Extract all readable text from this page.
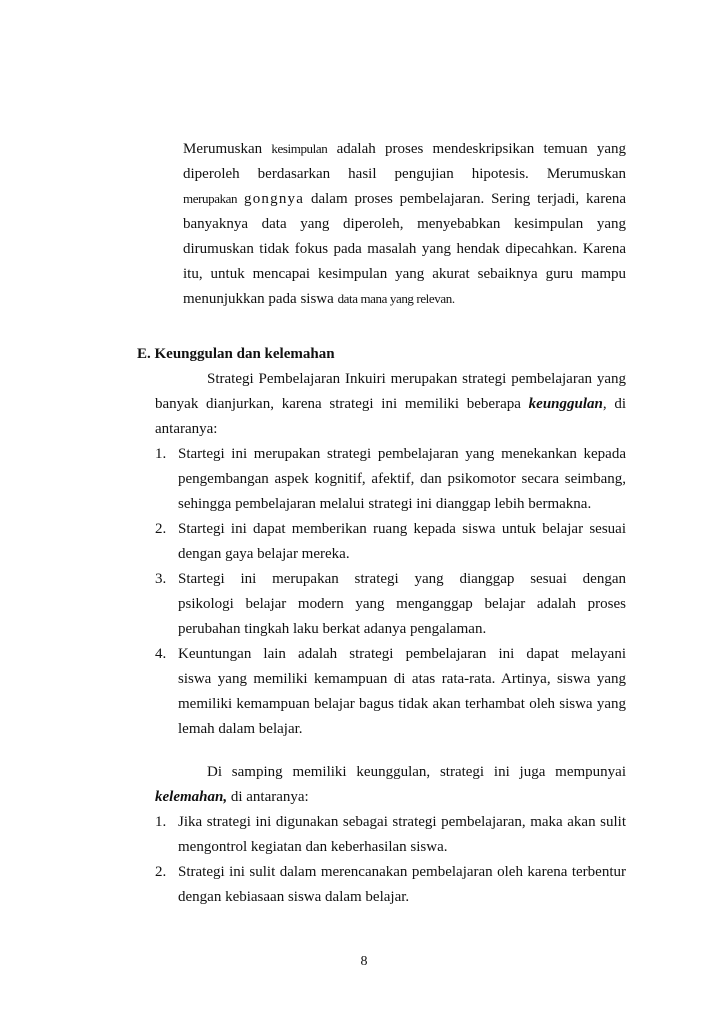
Merumuskan kesimpulan adalah proses mendeskripsikan temuan yang
diperoleh berdasarkan hasil pengujian hipotesis. Merumuskan
merupakan gongnya dalam proses pembelajaran. Sering terjadi, karena
banyaknya data yang diperoleh, menyebabkan kesimpulan yang
dirumuskan tidak fokus pada masalah yang hendak dipecahkan. Karena
itu, untuk mencapai kesimpulan yang akurat sebaiknya guru mampu
menunjukkan pada siswa data mana yang relevan.
E. Keunggulan dan kelemahan
Strategi Pembelajaran Inkuiri merupakan strategi pembelajaran yang
banyak dianjurkan, karena strategi ini memiliki beberapa keunggulan, di
antaranya:
1. Startegi ini merupakan strategi pembelajaran yang menekankan kepada
pengembangan aspek kognitif, afektif, dan psikomotor secara seimbang,
sehingga pembelajaran melalui strategi ini dianggap lebih bermakna.
2. Startegi ini dapat memberikan ruang kepada siswa untuk belajar sesuai
dengan gaya belajar mereka.
3. Startegi ini merupakan strategi yang dianggap sesuai dengan
psikologi belajar modern yang menganggap belajar adalah proses
perubahan tingkah laku berkat adanya pengalaman.
4. Keuntungan lain adalah strategi pembelajaran ini dapat melayani
siswa yang memiliki kemampuan di atas rata-rata. Artinya, siswa yang
memiliki kemampuan belajar bagus tidak akan terhambat oleh siswa yang
lemah dalam belajar.
Di samping memiliki keunggulan, strategi ini juga mempunyai
kelemahan, di antaranya:
1. Jika strategi ini digunakan sebagai strategi pembelajaran, maka akan sulit
mengontrol kegiatan dan keberhasilan siswa.
2. Strategi ini sulit dalam merencanakan pembelajaran oleh karena terbentur
dengan kebiasaan siswa dalam belajar.
8
